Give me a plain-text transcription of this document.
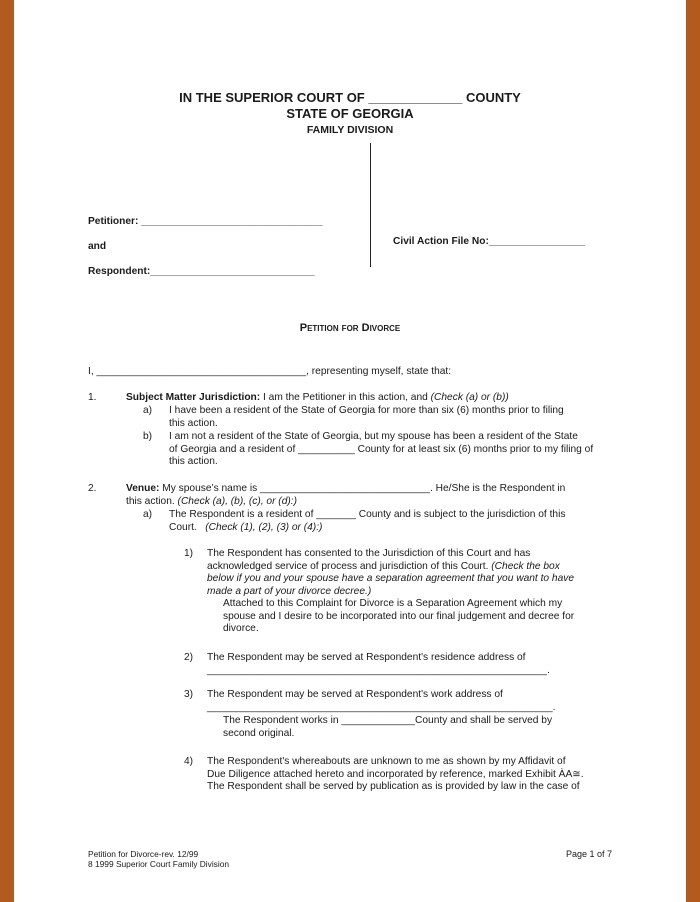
IN THE SUPERIOR COURT OF _____________ COUNTY
STATE OF GEORGIA
FAMILY DIVISION
Petitioner: ________________________________
and
Respondent:_____________________________
Civil Action File No:_________________
Petition for Divorce
I, _____________________________________, representing myself, state that:
1.	Subject Matter Jurisdiction: I am the Petitioner in this action, and (Check (a) or (b))
a) I have been a resident of the State of Georgia for more than six (6) months prior to filing
this action.
b) I am not a resident of the State of Georgia, but my spouse has been a resident of the State
of Georgia and a resident of __________ County for at least six (6) months prior to my filing of
this action.
2.	Venue: My spouse’s name is ______________________________. He/She is the Respondent in
this action. (Check (a), (b), (c), or (d):)
a) The Respondent is a resident of _______ County and is subject to the jurisdiction of this
Court. (Check (1), (2), (3) or (4):)
1) The Respondent has consented to the Jurisdiction of this Court and has
acknowledged service of process and jurisdiction of this Court. (Check the box
below if you and your spouse have a separation agreement that you want to have
made a part of your divorce decree.)
Attached to this Complaint for Divorce is a Separation Agreement which my
spouse and I desire to be incorporated into our final judgement and decree for
divorce.
2) The Respondent may be served at Respondent's residence address of
____________________________________________________________.
3) The Respondent may be served at Respondent's work address of
_____________________________________________________________.
The Respondent works in _____________County and shall be served by
second original.
4) The Respondent's whereabouts are unknown to me as shown by my Affidavit of
Due Diligence attached hereto and incorporated by reference, marked Exhibit ÀA≅.
The Respondent shall be served by publication as is provided by law in the case of
Petition for Divorce-rev. 12/99
8 1999 Superior Court Family Division
Page 1 of 7
